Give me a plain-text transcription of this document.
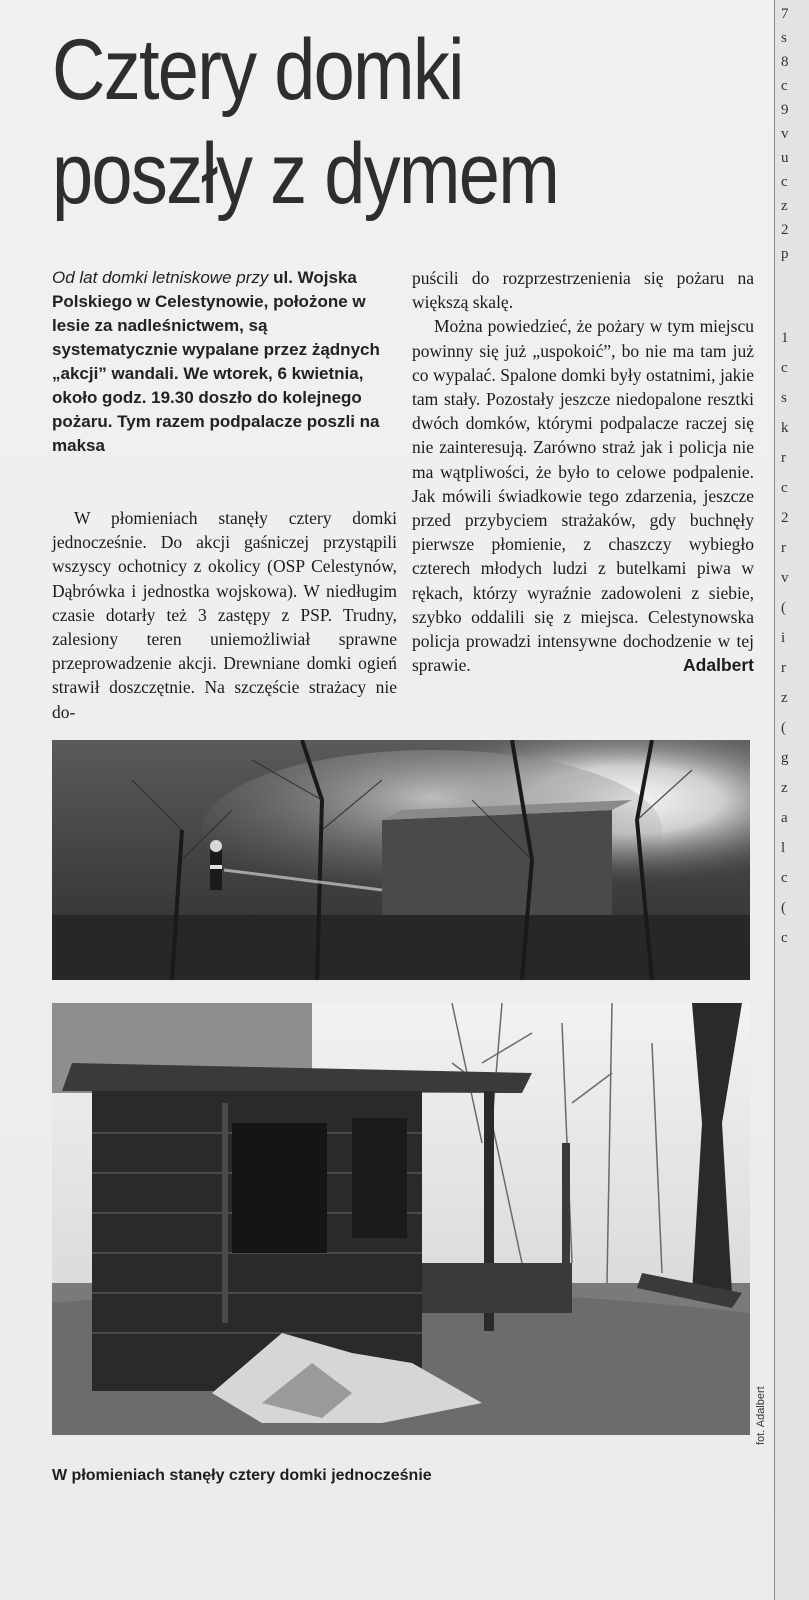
7
s
8
c
9
v
u
c
z
2
p
1
c
s
k
r
c
2
r
v
(
i
r
z
(
g
z
a
l
c
(
c
Cztery domki
poszły z dymem
Od lat domki letniskowe przy ul. Wojska Polskiego w Celestynowie, położone w lesie za nadleśnictwem, są systematycznie wypalane przez żądnych „akcji” wandali. We wtorek, 6 kwietnia, około godz. 19.30 doszło do kolejnego pożaru. Tym razem podpalacze poszli na maksa

W płomieniach stanęły cztery domki jednocześnie. Do akcji gaśniczej przystąpili wszyscy ochotnicy z okolicy (OSP Celestynów, Dąbrówka i jednostka wojskowa). W niedługim czasie dotarły też 3 zastępy z PSP. Trudny, zalesiony teren uniemożliwiał sprawne przeprowadzenie akcji. Drewniane domki ogień strawił doszczętnie. Na szczęście strażacy nie do-

puścili do rozprzestrzenienia się pożaru na większą skalę.

Można powiedzieć, że pożary w tym miejscu powinny się już „uspokoić”, bo nie ma tam już co wypalać. Spalone domki były ostatnimi, jakie tam stały. Pozostały jeszcze niedopalone resztki dwóch domków, którymi podpalacze raczej się nie zainteresują. Zarówno straż jak i policja nie ma wątpliwości, że było to celowe podpalenie. Jak mówili świadkowie tego zdarzenia, jeszcze przed przybyciem strażaków, gdy buchnęły pierwsze płomienie, z chaszczy wybiegło czterech młodych ludzi z butelkami piwa w rękach, którzy wyraźnie zadowoleni z siebie, szybko oddalili się z miejsca. Celestynowska policja prowadzi intensywne dochodzenie w tej sprawie.	Adalbert

fot. Adalbert
W płomieniach stanęły cztery domki jednocześnie
